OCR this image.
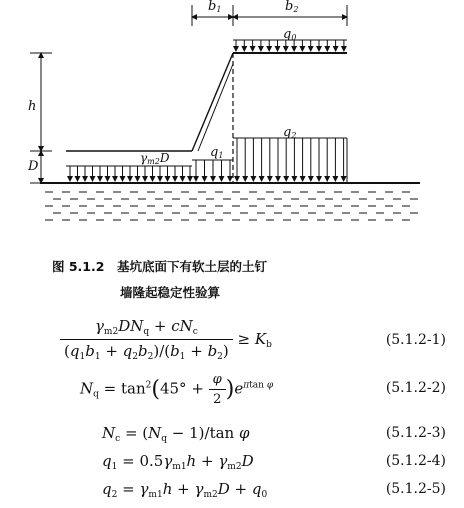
$b_1$	$b_2$
$q_0$
$q_2$
$q_1$
h
D
$\gamma_{m2}D$
图 5.1.2　基坑底面下有软土层的土钉
墙隆起稳定性验算
$\frac{\gamma_{m2}DN_q + cN_c}{(q_1b_1 + q_2b_2)/(b_1 + b_2)} \ge K_b$	(5.1.2-1)
$N_q = \tan^2(45^\circ + \frac{\varphi}{2} )e^{\pi tan \varphi}$	(5.1.2-2)
$N_c = (N_q - 1)/\tan$ φ	(5.1.2-3)
$q_1 = 0.5\gamma_{m1}h + \gamma_{m2}D$	(5.1.2-4)
$q_2 = \gamma_{m1}h + \gamma_{m2}D + q_0$	(5.1.2-5)
